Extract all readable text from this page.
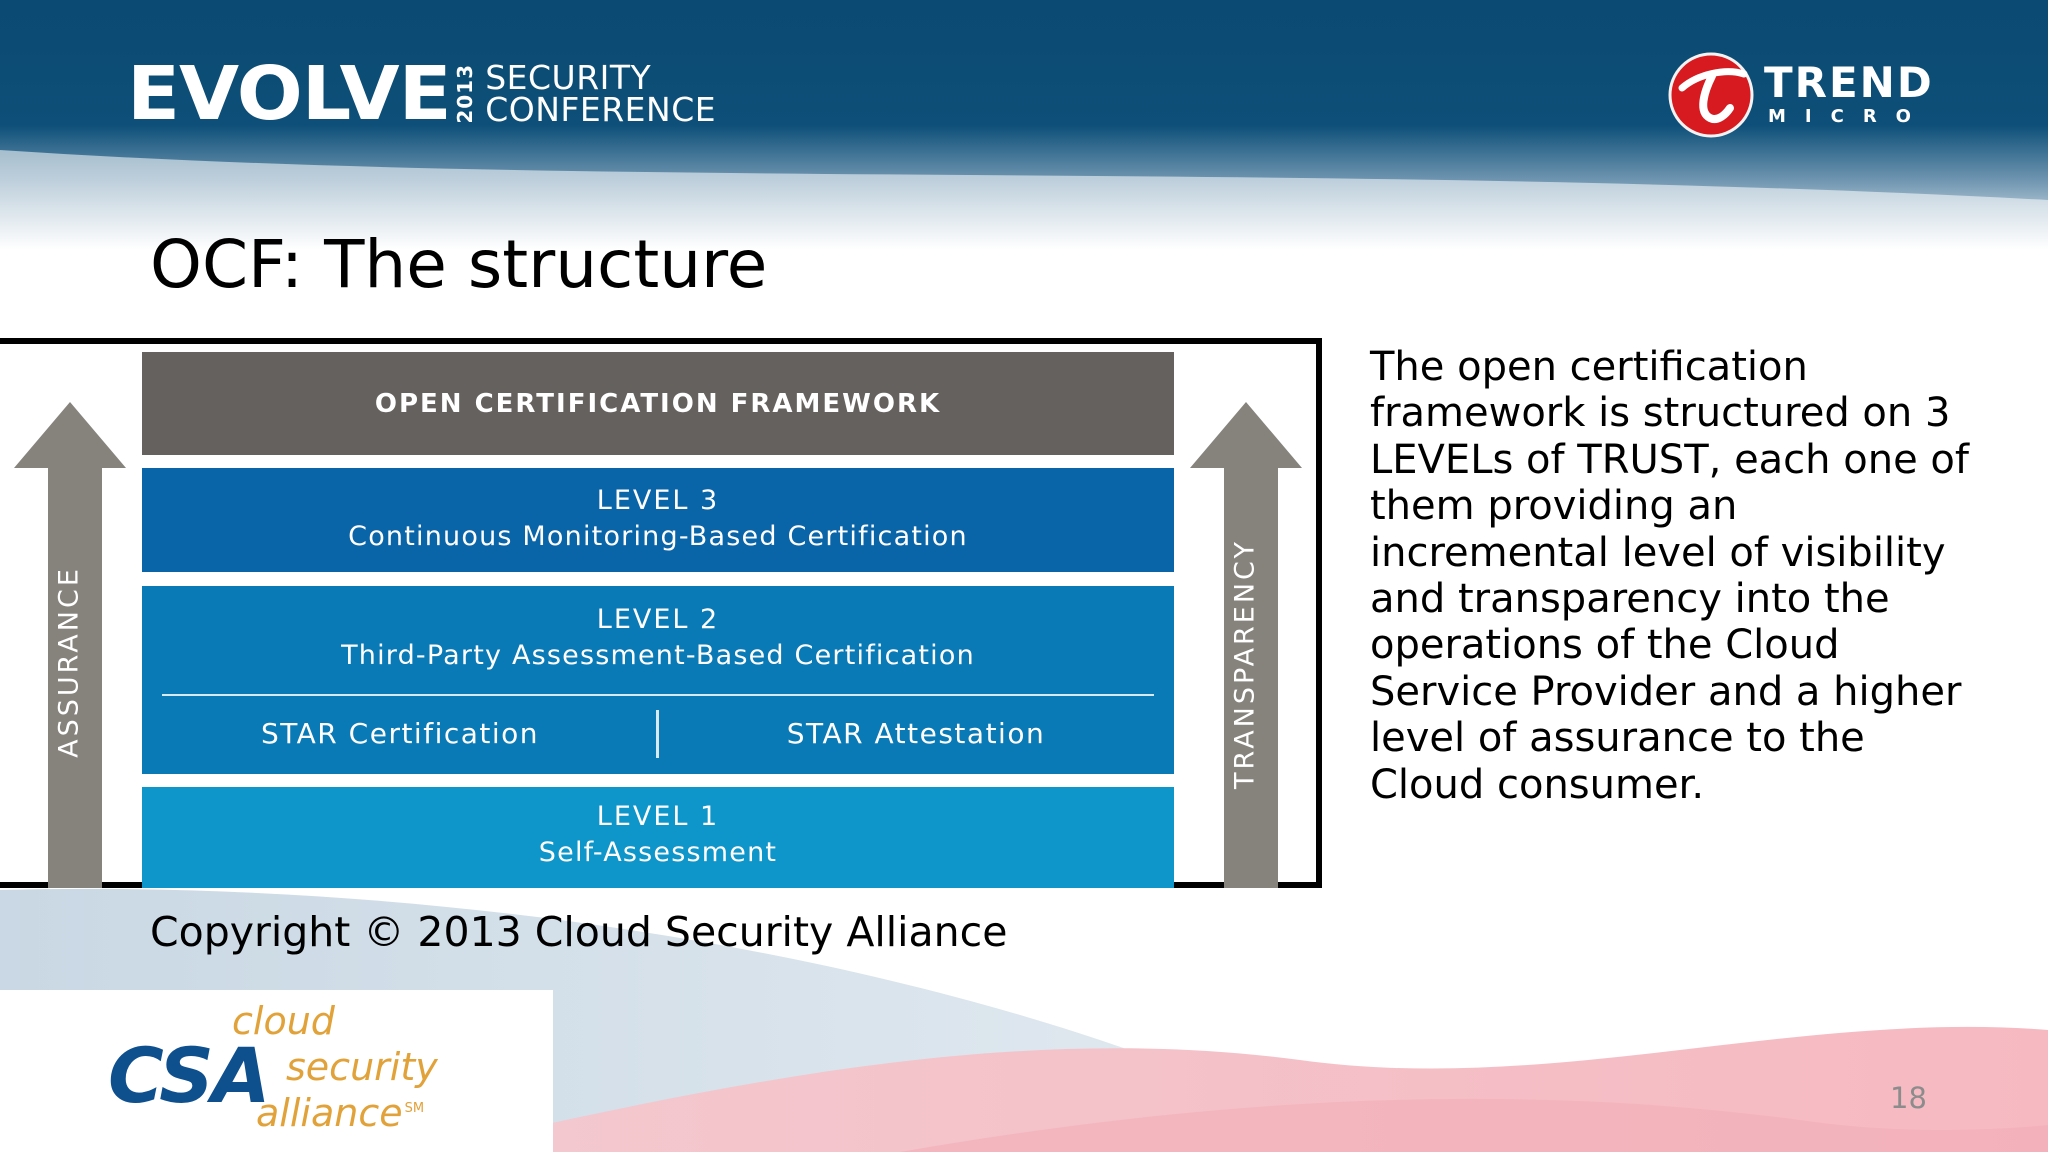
EVOLVE 2013 SECURITY
CONFERENCE
TREND
MICRO
OCF: The structure
ASSURANCE	TRANSPARENCY
OPEN CERTIFICATION FRAMEWORK
LEVEL 3
Continuous Monitoring-Based Certification
LEVEL 2
Third-Party Assessment-Based Certification
STAR Certification	STAR Attestation
LEVEL 1
Self-Assessment
The open certification framework is structured on 3 LEVELs of TRUST, each one of them providing an incremental level of visibility and transparency into the operations of the Cloud Service Provider and a higher level of assurance to the Cloud consumer.
Copyright © 2013 Cloud Security Alliance
CSA
cloud
security
alliance ℠	18
